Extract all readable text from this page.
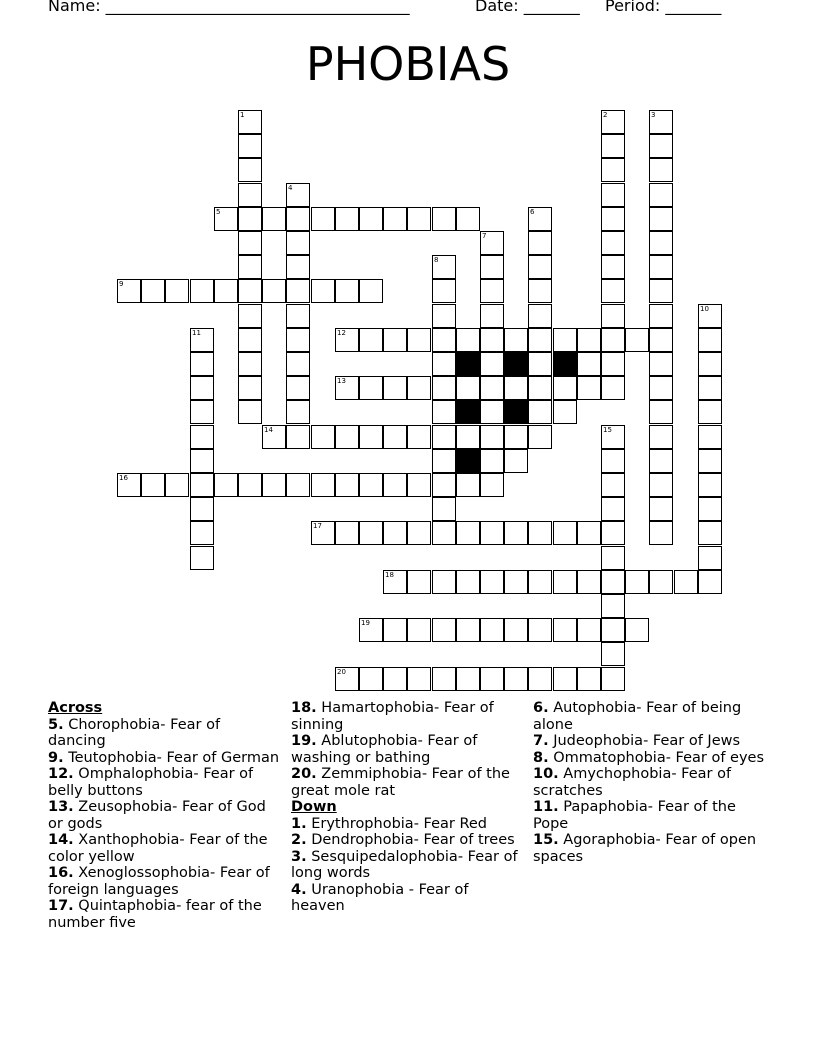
Name: ______________________________________	Date: _______ Period: _______
PHOBIAS
1	2	3
4
5	6
7
8
9
10
11	12
13
14	15
16
17
18
19
20
Across
5. Chorophobia- Fear of dancing
9. Teutophobia- Fear of German
12. Omphalophobia- Fear of belly buttons
13. Zeusophobia- Fear of God or gods
14. Xanthophobia- Fear of the color yellow
16. Xenoglossophobia- Fear of foreign languages
17. Quintaphobia- fear of the number five
18. Hamartophobia- Fear of sinning
19. Ablutophobia- Fear of washing or bathing
20. Zemmiphobia- Fear of the great mole rat
Down
1. Erythrophobia- Fear Red
2. Dendrophobia- Fear of trees
3. Sesquipedalophobia- Fear of long words
4. Uranophobia - Fear of heaven
6. Autophobia- Fear of being alone
7. Judeophobia- Fear of Jews
8. Ommatophobia- Fear of eyes
10. Amychophobia- Fear of scratches
11. Papaphobia- Fear of the Pope
15. Agoraphobia- Fear of open spaces
